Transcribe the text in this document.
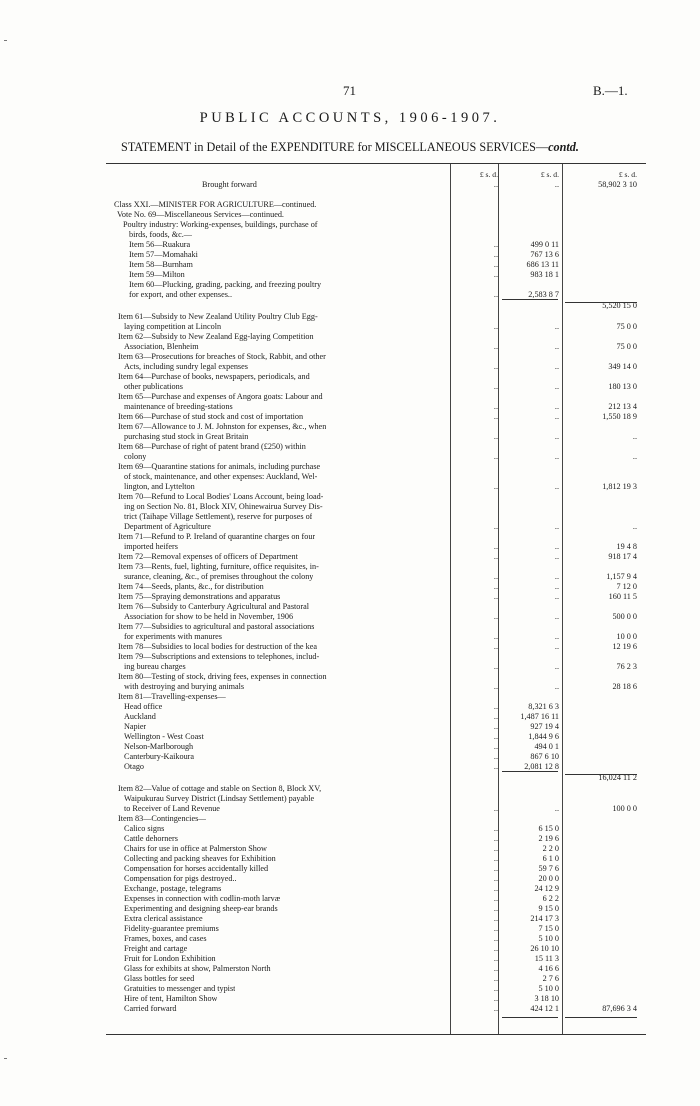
71	B.—1.
PUBLIC ACCOUNTS, 1906-1907.
STATEMENT in Detail of the EXPENDITURE for MISCELLANEOUS SERVICES—contd.
£ s. d.	£ s. d.	£ s. d.
Brought forward	..	..	58,902 3 10
Class XXI.—MINISTER FOR AGRICULTURE—continued.
Vote No. 69—Miscellaneous Services—continued.
Poultry industry: Working-expenses, buildings, purchase of
birds, foods, &c.—
Item 56—Ruakura	..	499 0 11
Item 57—Momahaki	..	767 13 6
Item 58—Burnham	..	686 13 11
Item 59—Milton	..	983 18 1
Item 60—Plucking, grading, packing, and freezing poultry
for export, and other expenses..	..	2,583 8 7
5,520 15 0
Item 61—Subsidy to New Zealand Utility Poultry Club Egg-
laying competition at Lincoln	..	..	75 0 0
Item 62—Subsidy to New Zealand Egg-laying Competition
Association, Blenheim	..	..	75 0 0
Item 63—Prosecutions for breaches of Stock, Rabbit, and other
Acts, including sundry legal expenses	..	..	349 14 0
Item 64—Purchase of books, newspapers, periodicals, and
other publications	..	..	180 13 0
Item 65—Purchase and expenses of Angora goats: Labour and
maintenance of breeding-stations	..	..	212 13 4
Item 66—Purchase of stud stock and cost of importation	..	..	1,550 18 9
Item 67—Allowance to J. M. Johnston for expenses, &c., when
purchasing stud stock in Great Britain	..	..	..
Item 68—Purchase of right of patent brand (£250) within
colony	..	..	..
Item 69—Quarantine stations for animals, including purchase
of stock, maintenance, and other expenses: Auckland, Wel-
lington, and Lyttelton	..	..	1,812 19 3
Item 70—Refund to Local Bodies' Loans Account, being load-
ing on Section No. 81, Block XIV, Ohinewairua Survey Dis-
trict (Taihape Village Settlement), reserve for purposes of
Department of Agriculture	..	..	..
Item 71—Refund to P. Ireland of quarantine charges on four
imported heifers	..	..	19 4 8
Item 72—Removal expenses of officers of Department	..	..	918 17 4
Item 73—Rents, fuel, lighting, furniture, office requisites, in-
surance, cleaning, &c., of premises throughout the colony	..	..	1,157 9 4
Item 74—Seeds, plants, &c., for distribution	..	..	7 12 0
Item 75—Spraying demonstrations and apparatus	..	..	160 11 5
Item 76—Subsidy to Canterbury Agricultural and Pastoral
Association for show to be held in November, 1906	..	..	500 0 0
Item 77—Subsidies to agricultural and pastoral associations
for experiments with manures	..	..	10 0 0
Item 78—Subsidies to local bodies for destruction of the kea	..	..	12 19 6
Item 79—Subscriptions and extensions to telephones, includ-
ing bureau charges	..	..	76 2 3
Item 80—Testing of stock, driving fees, expenses in connection
with destroying and burying animals	..	..	28 18 6
Item 81—Travelling-expenses—
Head office	..	8,321 6 3
Auckland	..	1,487 16 11
Napier	..	927 19 4
Wellington - West Coast	..	1,844 9 6
Nelson-Marlborough	..	494 0 1
Canterbury-Kaikoura	..	867 6 10
Otago	..	2,081 12 8
16,024 11 2
Item 82—Value of cottage and stable on Section 8, Block XV,
Waipukurau Survey District (Lindsay Settlement) payable
to Receiver of Land Revenue	..	..	100 0 0
Item 83—Contingencies—
Calico signs	..	6 15 0
Cattle dehorners	..	2 19 6
Chairs for use in office at Palmerston Show	..	2 2 0
Collecting and packing sheaves for Exhibition	..	6 1 0
Compensation for horses accidentally killed	..	59 7 6
Compensation for pigs destroyed..	..	20 0 0
Exchange, postage, telegrams	..	24 12 9
Expenses in connection with codlin-moth larvæ	..	6 2 2
Experimenting and designing sheep-ear brands	..	9 15 0
Extra clerical assistance	..	214 17 3
Fidelity-guarantee premiums	..	7 15 0
Frames, boxes, and cases	..	5 10 0
Freight and cartage	..	26 10 10
Fruit for London Exhibition	..	15 11 3
Glass for exhibits at show, Palmerston North	..	4 16 6
Glass bottles for seed	..	2 7 6
Gratuities to messenger and typist	..	5 10 0
Hire of tent, Hamilton Show	..	3 18 10
Carried forward	..	424 12 1	87,696 3 4
